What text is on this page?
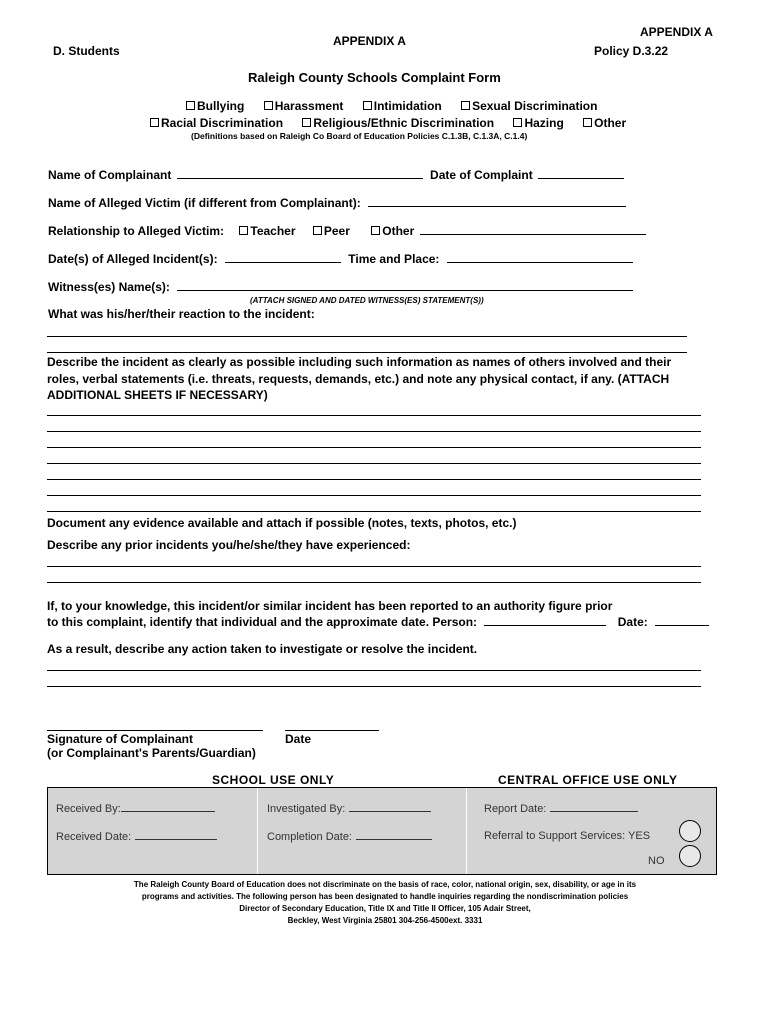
APPENDIX A
APPENDIX A
D. Students	Policy D.3.22
Raleigh County Schools Complaint Form
Bullying	Harassment	Intimidation	Sexual Discrimination
Racial Discrimination	Religious/Ethnic Discrimination	Hazing	Other
(Definitions based on Raleigh Co Board of Education Policies C.1.3B, C.1.3A, C.1.4)
Name of Complainant	Date of Complaint
Name of Alleged Victim (if different from Complainant):
Relationship to Alleged Victim: Teacher Peer	Other
Date(s) of Alleged Incident(s):	Time and Place:
Witness(es) Name(s):
(ATTACH SIGNED AND DATED WITNESS(ES) STATEMENT(S))
What was his/her/their reaction to the incident:
Describe the incident as clearly as possible including such information as names of others involved and their
roles, verbal statements (i.e. threats, requests, demands, etc.) and note any physical contact, if any. (ATTACH
ADDITIONAL SHEETS IF NECESSARY)
Document any evidence available and attach if possible (notes, texts, photos, etc.)
Describe any prior incidents you/he/she/they have experienced:
If, to your knowledge, this incident/or similar incident has been reported to an authority figure prior
to this complaint, identify that individual and the approximate date. Person:	Date:
As a result, describe any action taken to investigate or resolve the incident.
Signature of Complainant	Date
(or Complainant's Parents/Guardian)
SCHOOL USE ONLY	CENTRAL OFFICE USE ONLY
Received By:	Investigated By:	Report Date:
Received Date:	Completion Date:	Referral to Support Services: YES
NO
The Raleigh County Board of Education does not discriminate on the basis of race, color, national origin, sex, disability, or age in its
programs and activities. The following person has been designated to handle inquiries regarding the nondiscrimination policies
Director of Secondary Education, Title IX and Title II Officer, 105 Adair Street,
Beckley, West Virginia 25801 304-256-4500ext. 3331
